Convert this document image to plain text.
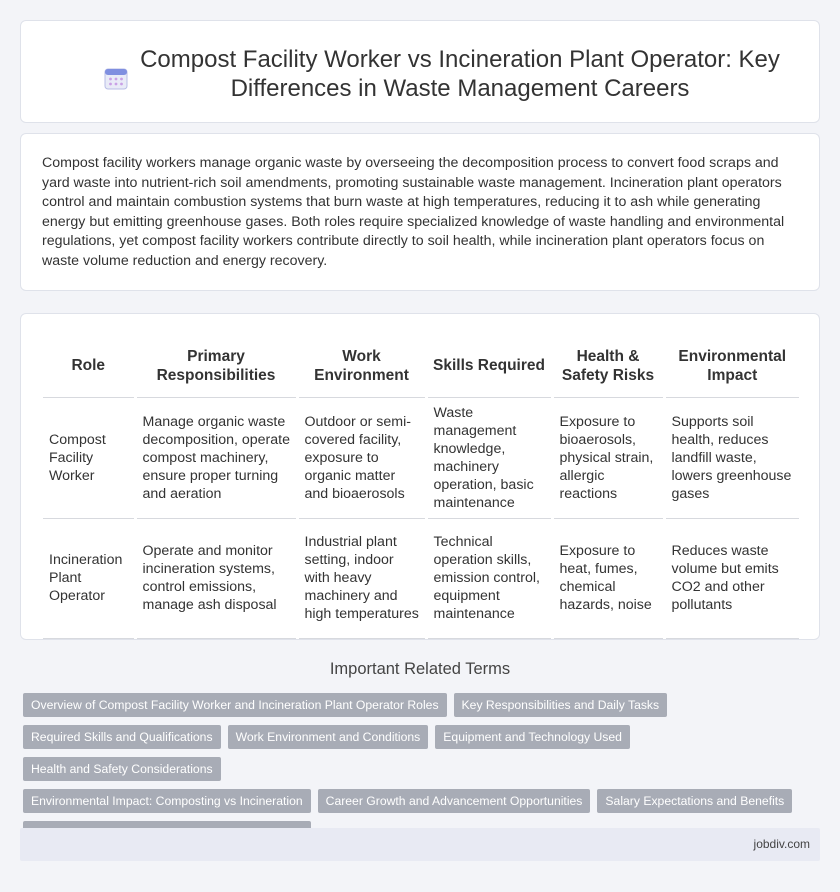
Compost Facility Worker vs Incineration Plant Operator: Key Differences in Waste Management Careers

Compost facility workers manage organic waste by overseeing the decomposition process to convert food scraps and yard waste into nutrient-rich soil amendments, promoting sustainable waste management. Incineration plant operators control and maintain combustion systems that burn waste at high temperatures, reducing it to ash while generating energy but emitting greenhouse gases. Both roles require specialized knowledge of waste handling and environmental regulations, yet compost facility workers contribute directly to soil health, while incineration plant operators focus on waste volume reduction and energy recovery.

Role	Primary Responsibilities	Work Environment	Skills Required	Health & Safety Risks	Environmental Impact
Compost Facility Worker	Manage organic waste decomposition, operate compost machinery, ensure proper turning and aeration	Outdoor or semi-covered facility, exposure to organic matter and bioaerosols	Waste management knowledge, machinery operation, basic maintenance	Exposure to bioaerosols, physical strain, allergic reactions	Supports soil health, reduces landfill waste, lowers greenhouse gases
Incineration Plant Operator	Operate and monitor incineration systems, control emissions, manage ash disposal	Industrial plant setting, indoor with heavy machinery and high temperatures	Technical operation skills, emission control, equipment maintenance	Exposure to heat, fumes, chemical hazards, noise	Reduces waste volume but emits CO2 and other pollutants
Important Related Terms
Overview of Compost Facility Worker and Incineration Plant Operator Roles	Key Responsibilities and Daily Tasks
Required Skills and Qualifications	Work Environment and Conditions	Equipment and Technology Used
Health and Safety Considerations
Environmental Impact: Composting vs Incineration	Career Growth and Advancement Opportunities	Salary Expectations and Benefits
jobdiv.com
